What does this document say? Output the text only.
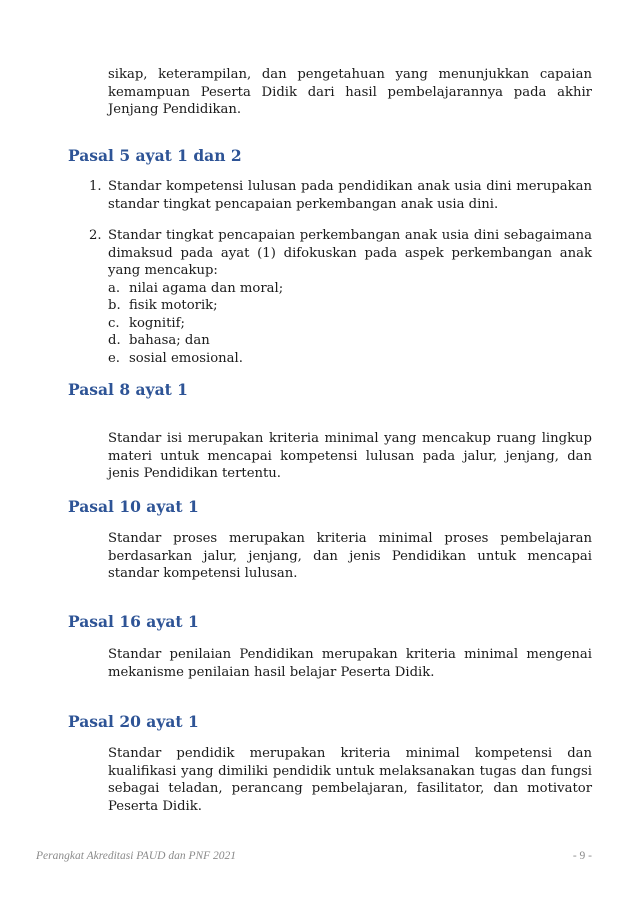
sikap, keterampilan, dan pengetahuan yang menunjukkan capaian kemampuan Peserta Didik dari hasil pembelajarannya pada akhir Jenjang Pendidikan.

Pasal 5 ayat 1 dan 2
1. Standar kompetensi lulusan pada pendidikan anak usia dini merupakan standar tingkat pencapaian perkembangan anak usia dini.
2. Standar tingkat pencapaian perkembangan anak usia dini sebagaimana dimaksud pada ayat (1) difokuskan pada aspek perkembangan anak yang mencakup:
a. nilai agama dan moral;
b. fisik motorik;
c. kognitif;
d. bahasa; dan
e. sosial emosional.
Pasal 8 ayat 1

Standar isi merupakan kriteria minimal yang mencakup ruang lingkup materi untuk mencapai kompetensi lulusan pada jalur, jenjang, dan jenis Pendidikan tertentu.

Pasal 10 ayat 1

Standar proses merupakan kriteria minimal proses pembelajaran berdasarkan jalur, jenjang, dan jenis Pendidikan untuk mencapai standar kompetensi lulusan.

Pasal 16 ayat 1

Standar penilaian Pendidikan merupakan kriteria minimal mengenai mekanisme penilaian hasil belajar Peserta Didik.

Pasal 20 ayat 1

Standar pendidik merupakan kriteria minimal kompetensi dan kualifikasi yang dimiliki pendidik untuk melaksanakan tugas dan fungsi sebagai teladan, perancang pembelajaran, fasilitator, dan motivator Peserta Didik.

Perangkat Akreditasi PAUD dan PNF 2021	- 9 -
